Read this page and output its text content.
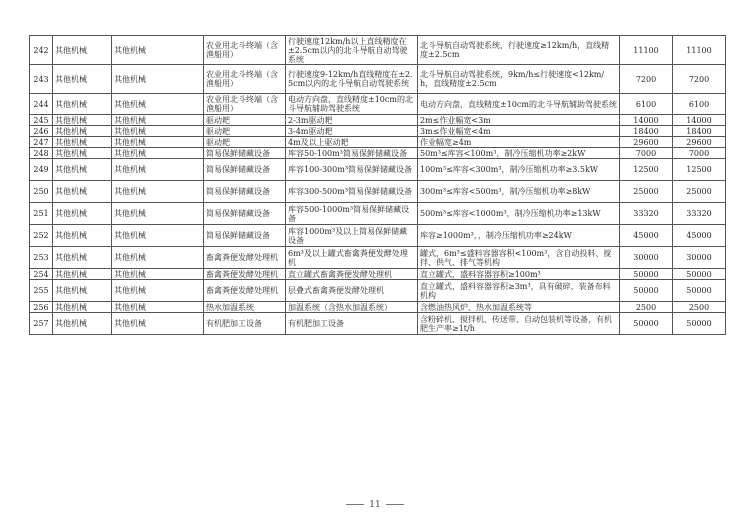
242	其他机械	其他机械	农业用北斗终端（含渔船用）	行驶速度12km/h以上直线精度在±2.5cm以内的北斗导航自动驾驶系统	北斗导航自动驾驶系统，行驶速度≥12km/h，直线精度±2.5cm	11100	11100
243	其他机械	其他机械	农业用北斗终端（含渔船用）	行驶速度9-12km/h直线精度在±2.5cm以内的北斗导航自动驾驶系统	北斗导航自动驾驶系统，9km/h≤行驶速度<12km/h，直线精度±2.5cm	7200	7200
244	其他机械	其他机械	农业用北斗终端（含渔船用）	电动方向盘，直线精度±10cm的北斗导航辅助驾驶系统	电动方向盘，直线精度±10cm的北斗导航辅助驾驶系统	6100	6100
245	其他机械	其他机械	驱动耙	2-3m驱动耙	2m≤作业幅宽<3m	14000	14000
246	其他机械	其他机械	驱动耙	3-4m驱动耙	3m≤作业幅宽<4m	18400	18400
247	其他机械	其他机械	驱动耙	4m及以上驱动耙	作业幅宽≥4m	29600	29600
248	其他机械	其他机械	简易保鲜储藏设备	库容50-100m³简易保鲜储藏设备	50m³≤库容<100m³，制冷压缩机功率≥2kW	7000	7000
249	其他机械	其他机械	简易保鲜储藏设备	库容100-300m³简易保鲜储藏设备	100m³≤库容<300m³，制冷压缩机功率≥3.5kW	12500	12500
250	其他机械	其他机械	简易保鲜储藏设备	库容300-500m³简易保鲜储藏设备	300m³≤库容<500m³，制冷压缩机功率≥8kW	25000	25000
251	其他机械	其他机械	简易保鲜储藏设备	库容500-1000m³简易保鲜储藏设备	500m³≤库容<1000m³，制冷压缩机功率≥13kW	33320	33320
252	其他机械	其他机械	简易保鲜储藏设备	库容1000m³及以上简易保鲜储藏设备	库容≥1000m³，，制冷压缩机功率≥24kW	45000	45000
253	其他机械	其他机械	畜禽粪便发酵处理机	6m³及以上罐式畜禽粪便发酵处理机	罐式，6m³≤盛料容器容积<100m³，含自动投料、搅拌、供气、排气等机构	30000	30000
254	其他机械	其他机械	畜禽粪便发酵处理机	直立罐式畜禽粪便发酵处理机	直立罐式，盛料容器容积≥100m³	50000	50000
255	其他机械	其他机械	畜禽粪便发酵处理机	层叠式畜禽粪便发酵处理机	直立罐式，盛料容器容积≥3m³，具有破碎、装备布料机构	50000	50000
256	其他机械	其他机械	热水加温系统	加温系统（含热水加温系统）	含燃油热风炉、热水加温系统等	2500	2500
257	其他机械	其他机械	有机肥加工设备	有机肥加工设备	含粉碎机、搅拌机、传送带、自动包装机等设备，有机肥生产率≥1t/h	50000	50000
11
